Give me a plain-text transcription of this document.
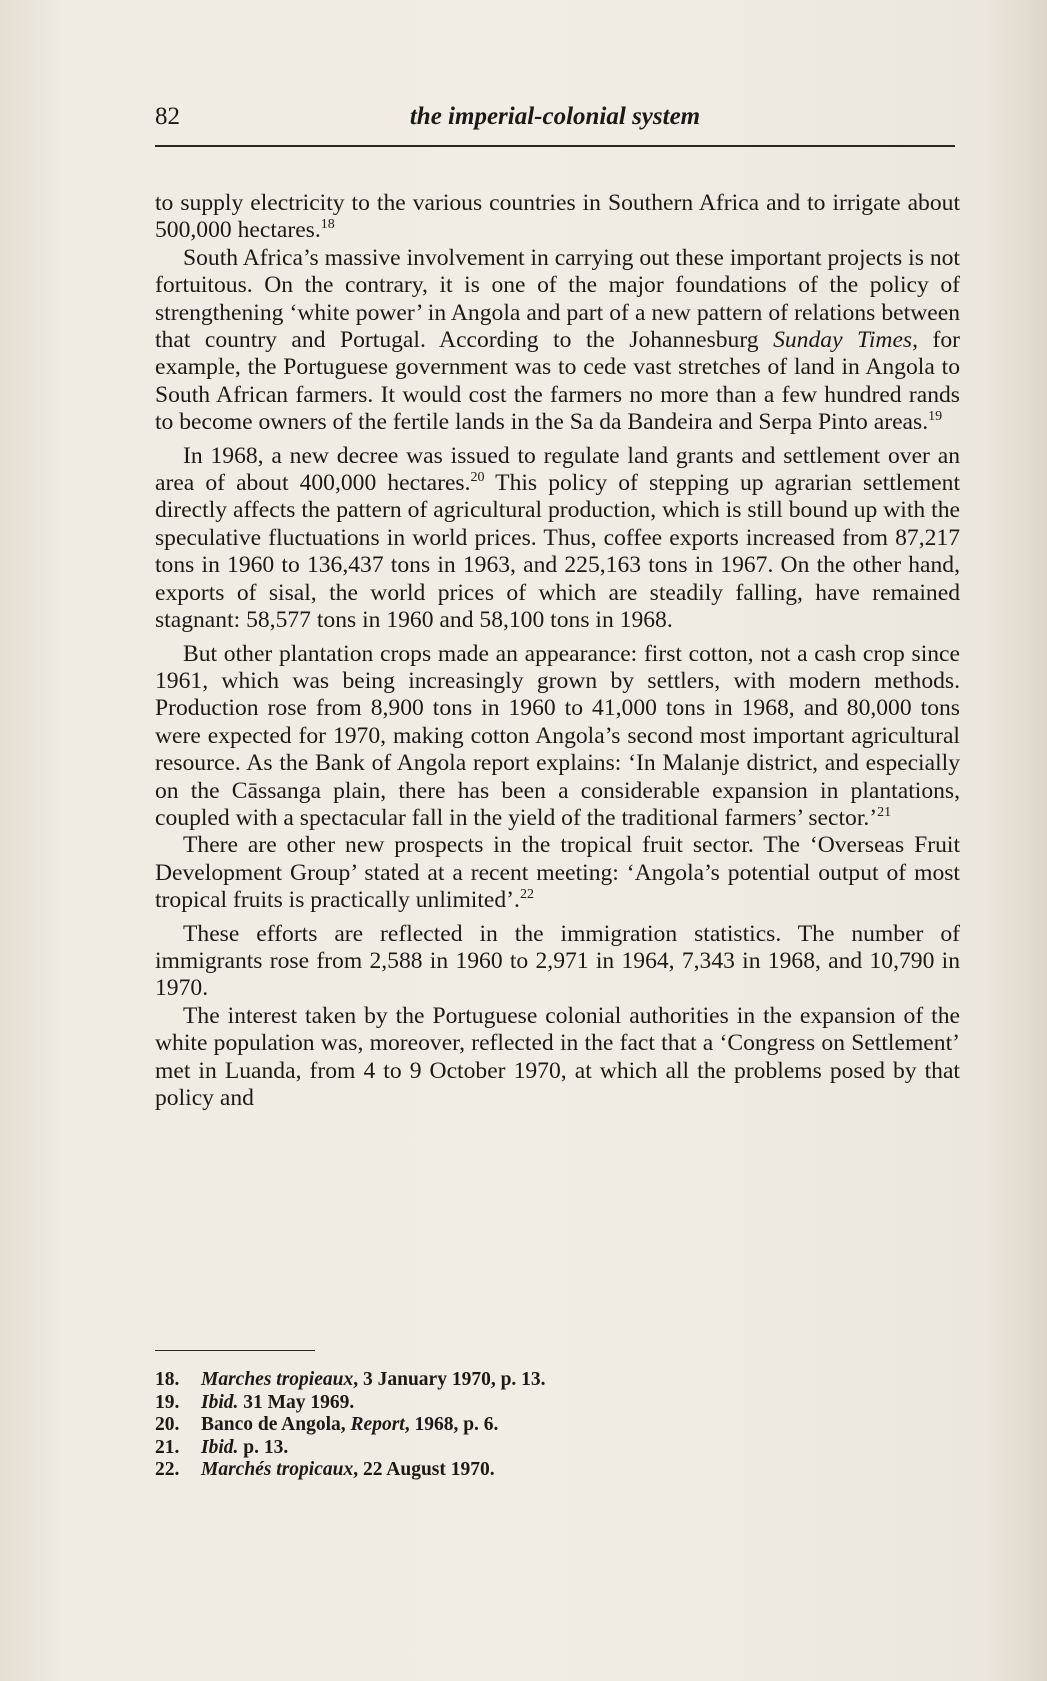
82	the imperial-colonial system

to supply electricity to the various countries in Southern Africa and to irrigate about 500,000 hectares.$^{18}$

South Africa’s massive involvement in carrying out these important projects is not fortuitous. On the contrary, it is one of the major foundations of the policy of strengthening ‘white power’ in Angola and part of a new pattern of relations between that country and Portugal. According to the Johannesburg Sunday Times, for example, the Portuguese government was to cede vast stretches of land in Angola to South African farmers. It would cost the farmers no more than a few hundred rands to become owners of the fertile lands in the Sa da Bandeira and Serpa Pinto areas.$^{19}$

In 1968, a new decree was issued to regulate land grants and settlement over an area of about 400,000 hectares.$^{20}$ This policy of stepping up agrarian settlement directly affects the pattern of agricultural production, which is still bound up with the speculative fluctuations in world prices. Thus, coffee exports increased from 87,217 tons in 1960 to 136,437 tons in 1963, and 225,163 tons in 1967. On the other hand, exports of sisal, the world prices of which are steadily falling, have remained stagnant: 58,577 tons in 1960 and 58,100 tons in 1968.

But other plantation crops made an appearance: first cotton, not a cash crop since 1961, which was being increasingly grown by settlers, with modern methods. Production rose from 8,900 tons in 1960 to 41,000 tons in 1968, and 80,000 tons were expected for 1970, making cotton Angola’s second most important agricultural resource. As the Bank of Angola report explains: ‘In Malanje district, and especially on the Cāssanga plain, there has been a considerable expansion in plantations, coupled with a spectacular fall in the yield of the traditional farmers’ sector.’$^{21}$

There are other new prospects in the tropical fruit sector. The ‘Overseas Fruit Development Group’ stated at a recent meeting: ‘Angola’s potential output of most tropical fruits is practically unlimited’.$^{22}$

These efforts are reflected in the immigration statistics. The number of immigrants rose from 2,588 in 1960 to 2,971 in 1964, 7,343 in 1968, and 10,790 in 1970.

The interest taken by the Portuguese colonial authorities in the expansion of the white population was, moreover, reflected in the fact that a ‘Congress on Settlement’ met in Luanda, from 4 to 9 October 1970, at which all the problems posed by that policy and

18. Marches tropieaux, 3 January 1970, p. 13.
19. Ibid. 31 May 1969.
20. Banco de Angola, Report, 1968, p. 6.
21. Ibid. p. 13.
22. Marchés tropicaux, 22 August 1970.
